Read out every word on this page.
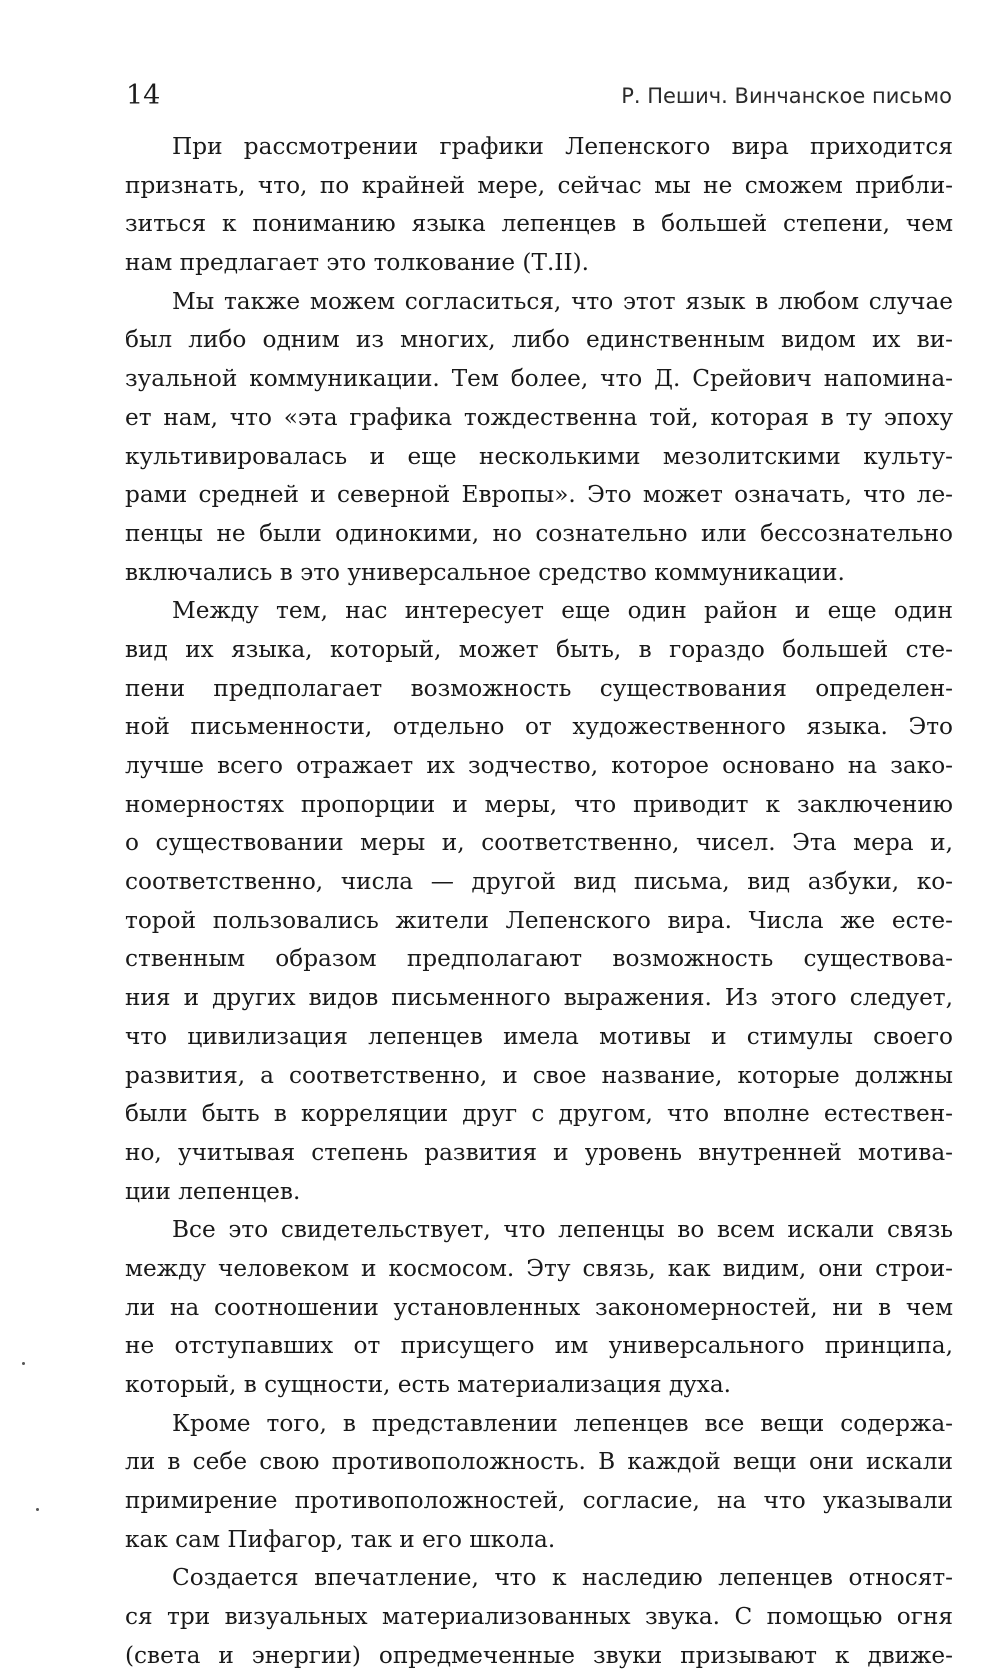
14	Р. Пешич. Винчанское письмо

При рассмотрении графики Лепенского вира приходится
признать, что, по крайней мере, сейчас мы не сможем прибли-
зиться к пониманию языка лепенцев в большей степени, чем
нам предлагает это толкование (Т.II).

Мы также можем согласиться, что этот язык в любом случае
был либо одним из многих, либо единственным видом их ви-
зуальной коммуникации. Тем более, что Д. Срейович напомина-
ет нам, что «эта графика тождественна той, которая в ту эпоху
культивировалась и еще несколькими мезолитскими культу-
рами средней и северной Европы». Это может означать, что ле-
пенцы не были одинокими, но сознательно или бессознательно
включались в это универсальное средство коммуникации.

Между тем, нас интересует еще один район и еще один
вид их языка, который, может быть, в гораздо большей сте-
пени предполагает возможность существования определен-
ной письменности, отдельно от художественного языка. Это
лучше всего отражает их зодчество, которое основано на зако-
номерностях пропорции и меры, что приводит к заключению
о существовании меры и, соответственно, чисел. Эта мера и,
соответственно, числа — другой вид письма, вид азбуки, ко-
торой пользовались жители Лепенского вира. Числа же есте-
ственным образом предполагают возможность существова-
ния и других видов письменного выражения. Из этого следует,
что цивилизация лепенцев имела мотивы и стимулы своего
развития, а соответственно, и свое название, которые должны
были быть в корреляции друг с другом, что вполне естествен-
но, учитывая степень развития и уровень внутренней мотива-
ции лепенцев.

Все это свидетельствует, что лепенцы во всем искали связь
между человеком и космосом. Эту связь, как видим, они строи-
ли на соотношении установленных закономерностей, ни в чем
не отступавших от присущего им универсального принципа,
который, в сущности, есть материализация духа.

Кроме того, в представлении лепенцев все вещи содержа-
ли в себе свою противоположность. В каждой вещи они искали
примирение противоположностей, согласие, на что указывали
как сам Пифагор, так и его школа.

Создается впечатление, что к наследию лепенцев относят-
ся три визуальных материализованных звука. С помощью огня
(света и энергии) опредмеченные звуки призывают к движе-
